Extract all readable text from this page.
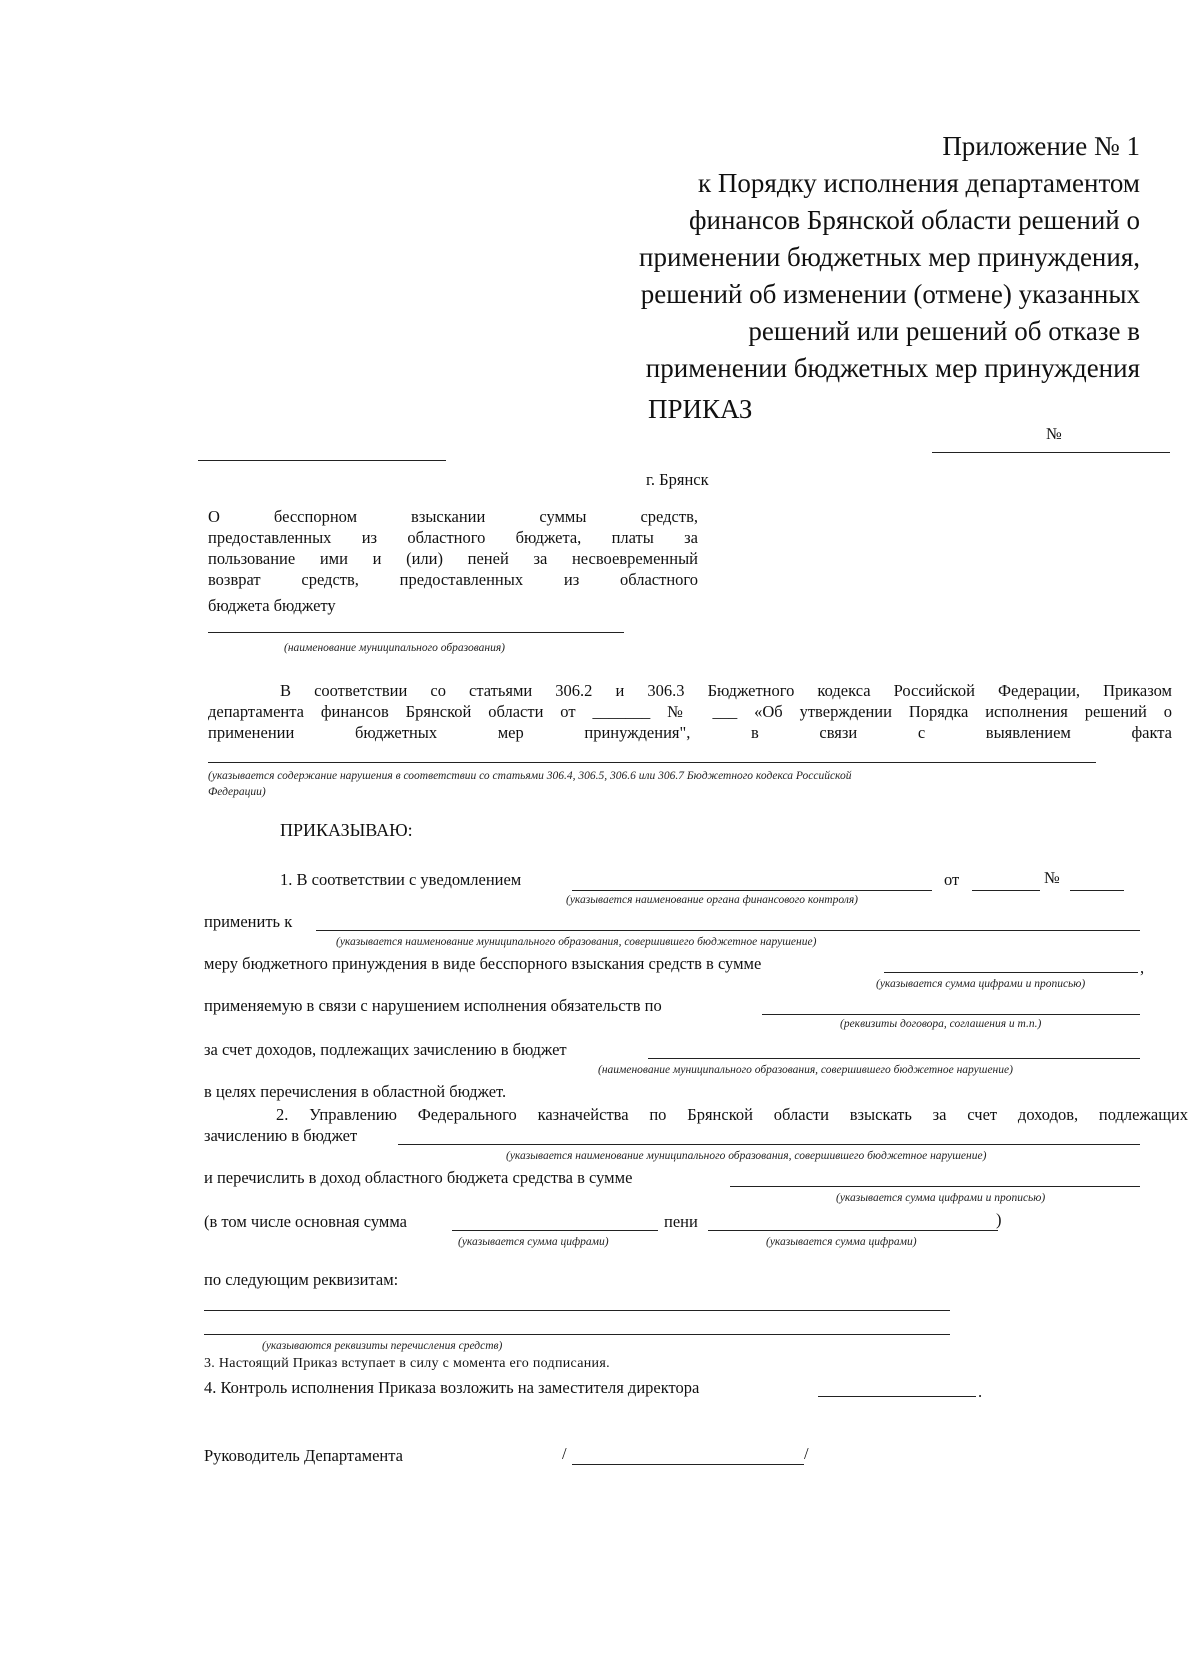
Приложение № 1
к Порядку исполнения департаментом
финансов Брянской области решений о
применении бюджетных мер принуждения,
решений об изменении (отмене) указанных
решений или решений об отказе в
применении бюджетных мер принуждения
ПРИКАЗ
№
г. Брянск
О бесспорном взыскании суммы средств,
предоставленных из областного бюджета, платы за
пользование ими и (или) пеней за несвоевременный
возврат средств, предоставленных из областного
бюджета бюджету
(наименование муниципального образования)
В соответствии со статьями 306.2 и 306.3 Бюджетного кодекса Российской Федерации, Приказом
департамента финансов Брянской области от _______ № ___ «Об утверждении Порядка исполнения решений о
применении бюджетных мер принуждения", в связи с выявлением факта
(указывается содержание нарушения в соответствии со статьями 306.4, 306.5, 306.6 или 306.7 Бюджетного кодекса Российской
Федерации)
ПРИКАЗЫВАЮ:
1. В соответствии с уведомлением	от	№
(указывается наименование органа финансового контроля)
применить к
(указывается наименование муниципального образования, совершившего бюджетное нарушение)
меру бюджетного принуждения в виде бесспорного взыскания средств в сумме	,
(указывается сумма цифрами и прописью)
применяемую в связи с нарушением исполнения обязательств по
(реквизиты договора, соглашения и т.п.)
за счет доходов, подлежащих зачислению в бюджет
(наименование муниципального образования, совершившего бюджетное нарушение)
в целях перечисления в областной бюджет.
2. Управлению Федерального казначейства по Брянской области взыскать за счет доходов, подлежащих
зачислению в бюджет
(указывается наименование муниципального образования, совершившего бюджетное нарушение)
и перечислить в доход областного бюджета средства в сумме
(указывается сумма цифрами и прописью)
(в том числе основная сумма	пени	)
(указывается сумма цифрами)	(указывается сумма цифрами)
по следующим реквизитам:
(указываются реквизиты перечисления средств)
3. Настоящий Приказ вступает в силу с момента его подписания.
4. Контроль исполнения Приказа возложить на заместителя директора	.
Руководитель Департамента	/	/
